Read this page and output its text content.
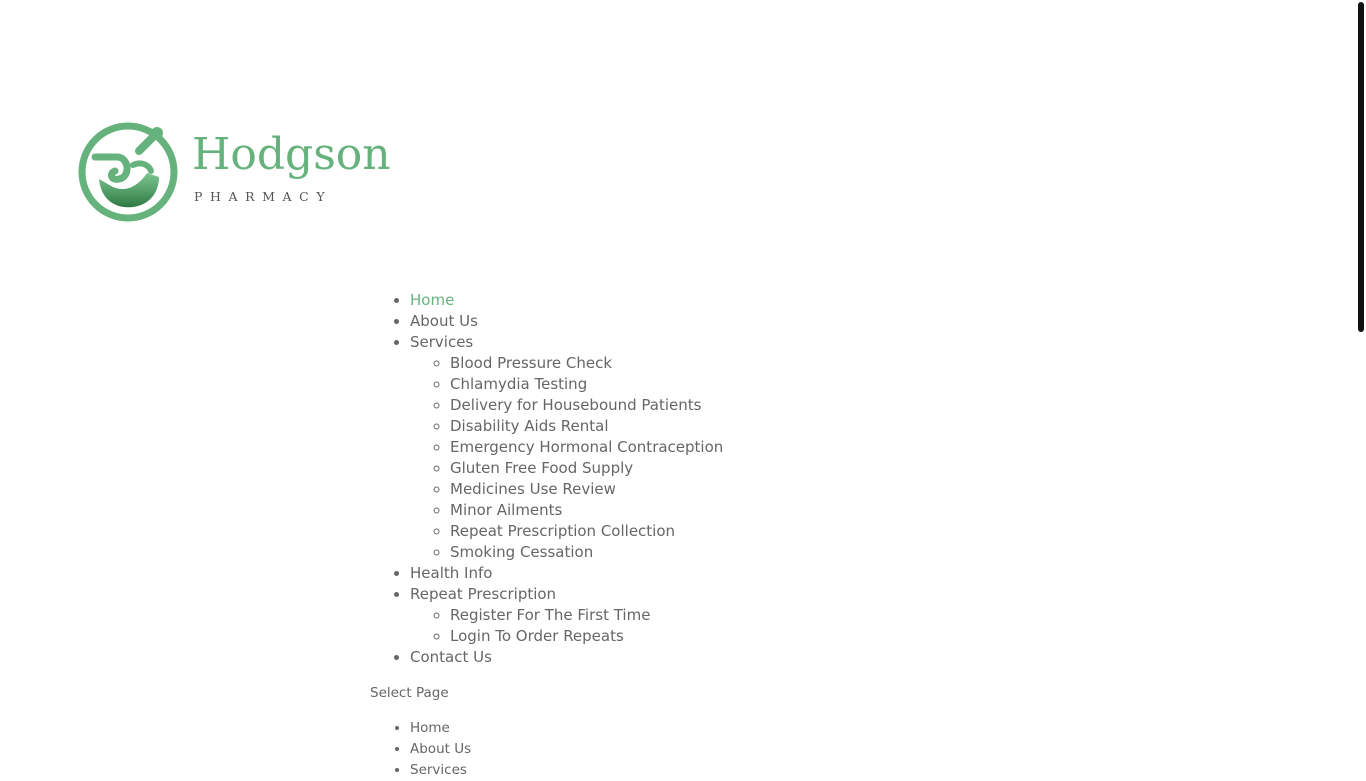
Hodgson
PHARMACY
• Home
• About Us
• Services
◦ Blood Pressure Check
◦ Chlamydia Testing
◦ Delivery for Housebound Patients
◦ Disability Aids Rental
◦ Emergency Hormonal Contraception
◦ Gluten Free Food Supply
◦ Medicines Use Review
◦ Minor Ailments
◦ Repeat Prescription Collection
◦ Smoking Cessation
• Health Info
• Repeat Prescription
◦ Register For The First Time
◦ Login To Order Repeats
• Contact Us
Select Page
• Home
• About Us
• Services
